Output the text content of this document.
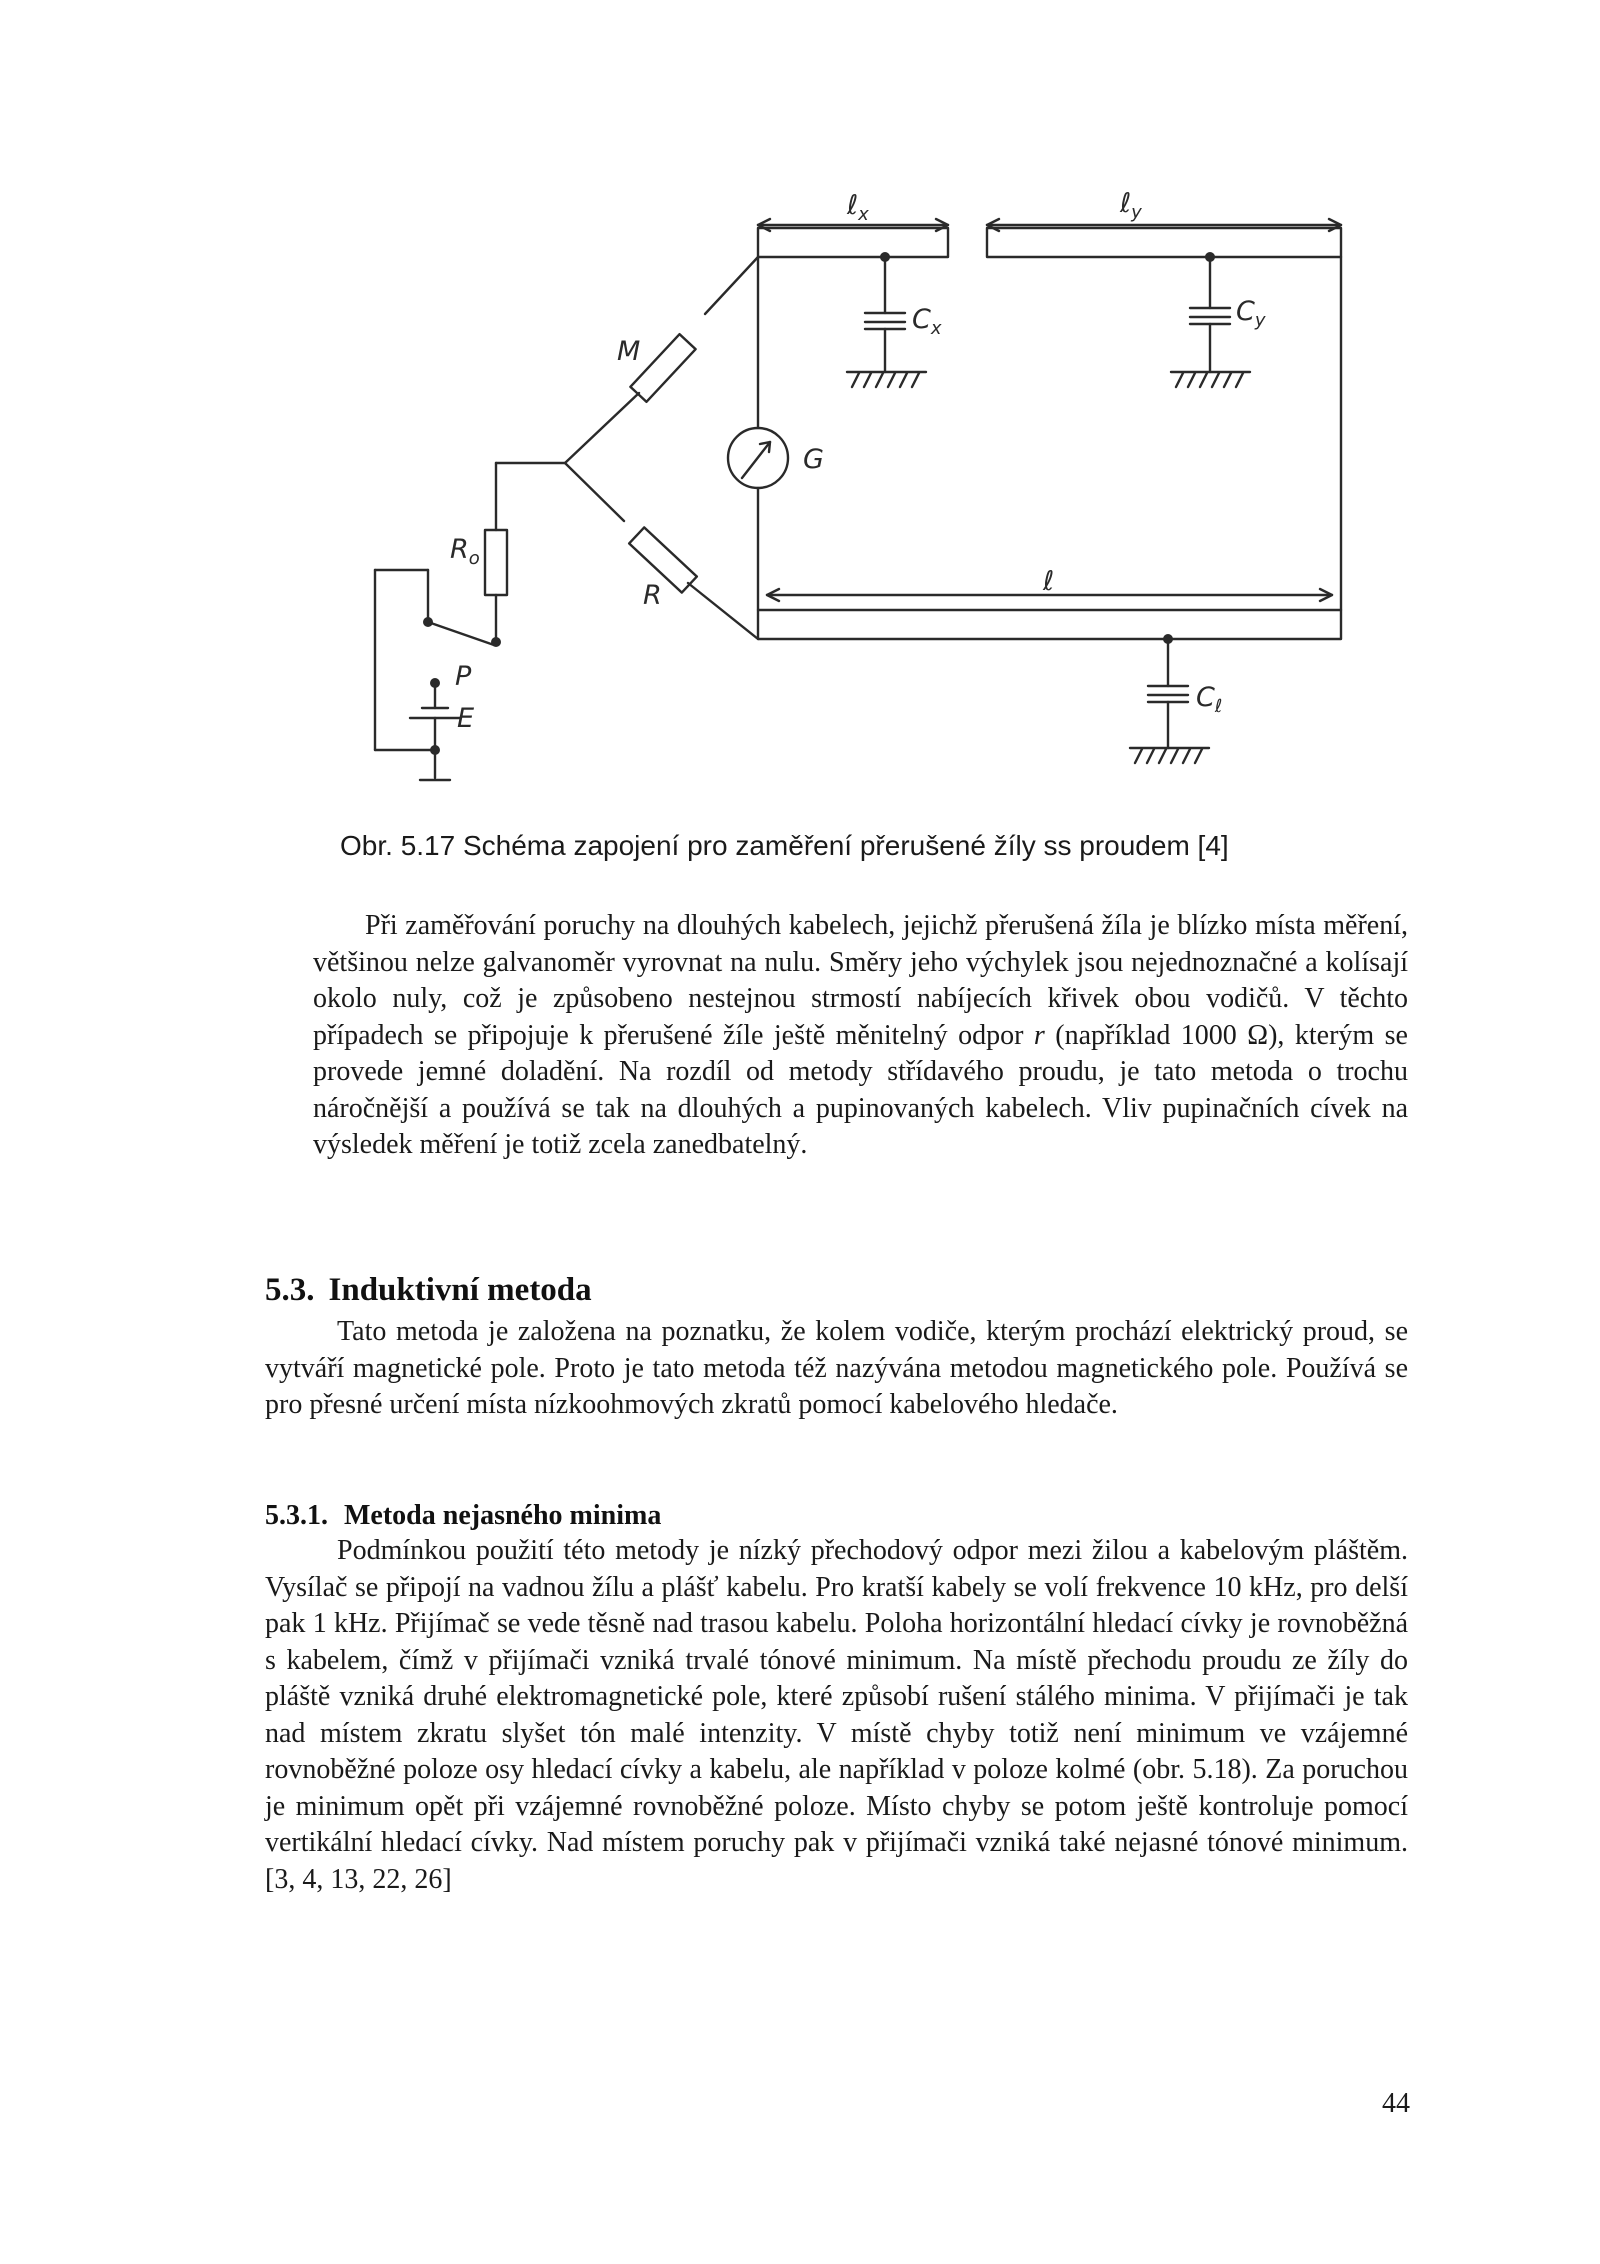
ℓ$_x$	ℓ$_y$
$C_x$
$C_y$
G
ℓ
$C_\ell$
M
R
$R_o$
P
E
Obr. 5.17 Schéma zapojení pro zaměření přerušené žíly ss proudem [4]

Při zaměřování poruchy na dlouhých kabelech, jejichž přerušená žíla je blízko místa měření, většinou nelze galvanoměr vyrovnat na nulu. Směry jeho výchylek jsou nejednoznačné a kolísají okolo nuly, což je způsobeno nestejnou strmostí nabíjecích křivek obou vodičů. V těchto případech se připojuje k přerušené žíle ještě měnitelný odpor r (například 1000 Ω), kterým se provede jemné doladění. Na rozdíl od metody střídavého proudu, je tato metoda o trochu náročnější a používá se tak na dlouhých a pupinovaných kabelech. Vliv pupinačních cívek na výsledek měření je totiž zcela zanedbatelný.

5.3. Induktivní metoda

Tato metoda je založena na poznatku, že kolem vodiče, kterým prochází elektrický proud, se vytváří magnetické pole. Proto je tato metoda též nazývána metodou magnetického pole. Používá se pro přesné určení místa nízkoohmových zkratů pomocí kabelového hledače.

5.3.1. Metoda nejasného minima

Podmínkou použití této metody je nízký přechodový odpor mezi žilou a kabelovým pláštěm. Vysílač se připojí na vadnou žílu a plášť kabelu. Pro kratší kabely se volí frekvence 10 kHz, pro delší pak 1 kHz. Přijímač se vede těsně nad trasou kabelu. Poloha horizontální hledací cívky je rovnoběžná s kabelem, čímž v přijímači vzniká trvalé tónové minimum. Na místě přechodu proudu ze žíly do pláště vzniká druhé elektromagnetické pole, které způsobí rušení stálého minima. V přijímači je tak nad místem zkratu slyšet tón malé intenzity. V místě chyby totiž není minimum ve vzájemné rovnoběžné poloze osy hledací cívky a kabelu, ale například v poloze kolmé (obr. 5.18). Za poruchou je minimum opět při vzájemné rovnoběžné poloze. Místo chyby se potom ještě kontroluje pomocí vertikální hledací cívky. Nad místem poruchy pak v přijímači vzniká také nejasné tónové minimum. [3, 4, 13, 22, 26]

44
